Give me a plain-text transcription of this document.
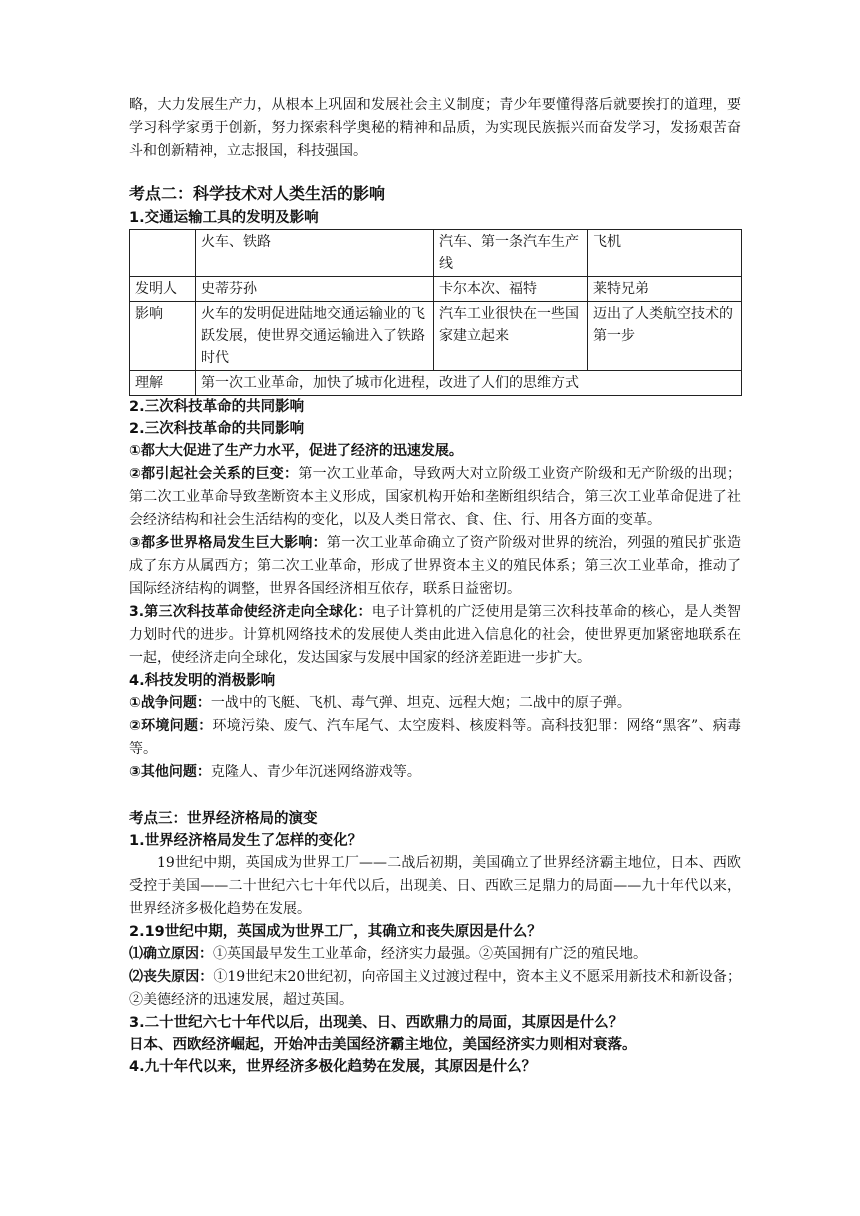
略，大力发展生产力，从根本上巩固和发展社会主义制度；青少年要懂得落后就要挨打的道理，要学习科学家勇于创新，努力探索科学奥秘的精神和品质，为实现民族振兴而奋发学习，发扬艰苦奋斗和创新精神，立志报国，科技强国。

考点二：科学技术对人类生活的影响
1.交通运输工具的发明及影响
	火车、铁路	汽车、第一条汽车生产线	飞机
发明人	史蒂芬孙	卡尔本次、福特	莱特兄弟
影响	火车的发明促进陆地交通运输业的飞跃发展，使世界交通运输进入了铁路时代	汽车工业很快在一些国家建立起来	迈出了人类航空技术的第一步
理解	第一次工业革命，加快了城市化进程，改进了人们的思维方式		
2.三次科技革命的共同影响
2.三次科技革命的共同影响

①都大大促进了生产力水平，促进了经济的迅速发展。

②都引起社会关系的巨变：第一次工业革命，导致两大对立阶级工业资产阶级和无产阶级的出现；第二次工业革命导致垄断资本主义形成，国家机构开始和垄断组织结合，第三次工业革命促进了社会经济结构和社会生活结构的变化，以及人类日常衣、食、住、行、用各方面的变革。

③都多世界格局发生巨大影响：第一次工业革命确立了资产阶级对世界的统治，列强的殖民扩张造成了东方从属西方；第二次工业革命，形成了世界资本主义的殖民体系；第三次工业革命，推动了国际经济结构的调整，世界各国经济相互依存，联系日益密切。

3.第三次科技革命使经济走向全球化：电子计算机的广泛使用是第三次科技革命的核心，是人类智力划时代的进步。计算机网络技术的发展使人类由此进入信息化的社会，使世界更加紧密地联系在一起，使经济走向全球化，发达国家与发展中国家的经济差距进一步扩大。

4.科技发明的消极影响

①战争问题：一战中的飞艇、飞机、毒气弹、坦克、远程大炮；二战中的原子弹。

②环境问题：环境污染、废气、汽车尾气、太空废料、核废料等。高科技犯罪：网络“黑客”、病毒等。

③其他问题：克隆人、青少年沉迷网络游戏等。

考点三：世界经济格局的演变
1.世界经济格局发生了怎样的变化？

19世纪中期，英国成为世界工厂——二战后初期，美国确立了世界经济霸主地位，日本、西欧受控于美国——二十世纪六七十年代以后，出现美、日、西欧三足鼎力的局面——九十年代以来，世界经济多极化趋势在发展。

2.19世纪中期，英国成为世界工厂，其确立和丧失原因是什么？

⑴确立原因：①英国最早发生工业革命，经济实力最强。②英国拥有广泛的殖民地。

⑵丧失原因：①19世纪末20世纪初，向帝国主义过渡过程中，资本主义不愿采用新技术和新设备；②美德经济的迅速发展，超过英国。

3.二十世纪六七十年代以后，出现美、日、西欧鼎力的局面，其原因是什么？
日本、西欧经济崛起，开始冲击美国经济霸主地位，美国经济实力则相对衰落。
4.九十年代以来，世界经济多极化趋势在发展，其原因是什么？
